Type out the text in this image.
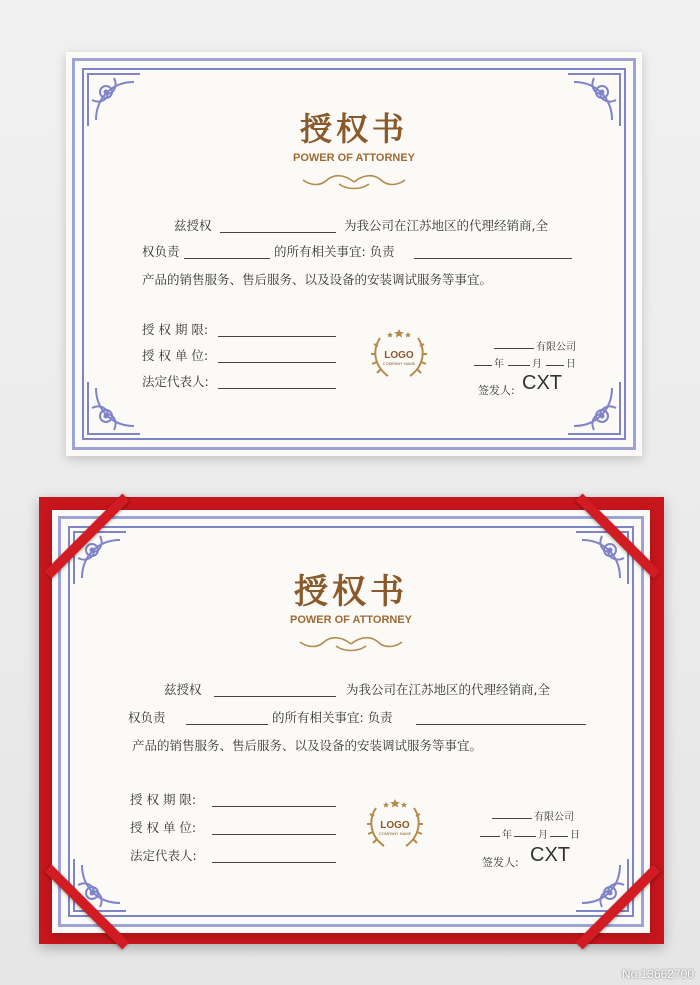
授权书
POWER OF ATTORNEY
兹授权	为我公司在江苏地区的代理经销商,全
权负责	的所有相关事宜: 负责
产品的销售服务、售后服务、以及设备的安装调试服务等事宜。
授 权 期 限:
授 权 单 位:
法定代表人:
LOGO
COMPANY NAME
有限公司
年	月 日
签发人: CXT
授权书
POWER OF ATTORNEY
兹授权	为我公司在江苏地区的代理经销商,全
权负责	的所有相关事宜: 负责
产品的销售服务、售后服务、以及设备的安装调试服务等事宜。
授 权 期 限:
授 权 单 位:
法定代表人:
LOGO
COMPANY NAME
有限公司
年	月 日
签发人: CXT
No:13662700
